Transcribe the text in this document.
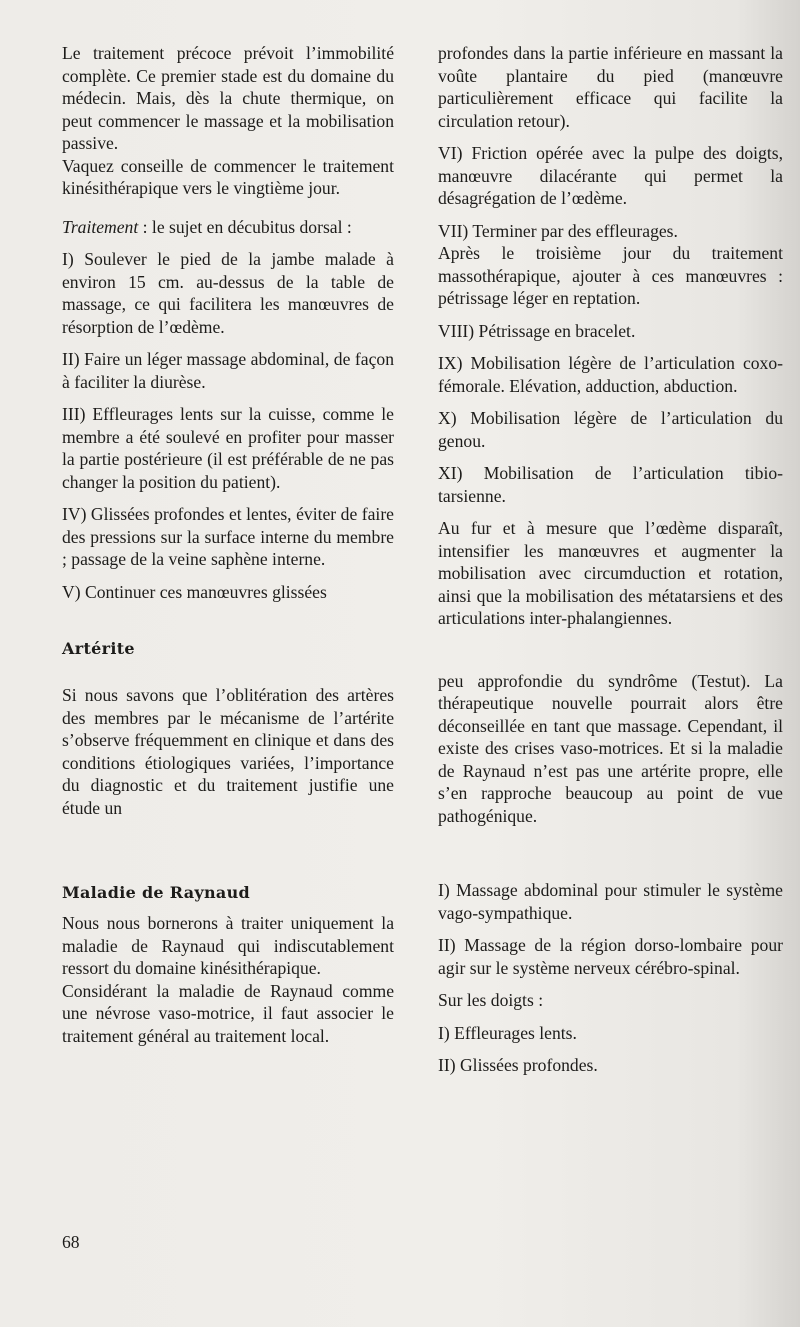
Le traitement précoce prévoit l’immobilité complète. Ce premier stade est du domaine du médecin. Mais, dès la chute thermique, on peut commencer le massage et la mobilisation passive.

Vaquez conseille de commencer le traitement kinésithérapique vers le vingtième jour.

Traitement : le sujet en décubitus dorsal :

I) Soulever le pied de la jambe malade à environ 15 cm. au-dessus de la table de massage, ce qui facilitera les manœuvres de résorption de l’œdème.

II) Faire un léger massage abdominal, de façon à faciliter la diurèse.

III) Effleurages lents sur la cuisse, comme le membre a été soulevé en profiter pour masser la partie postérieure (il est préférable de ne pas changer la position du patient).

IV) Glissées profondes et lentes, éviter de faire des pressions sur la surface interne du membre ; passage de la veine saphène interne.

V) Continuer ces manœuvres glissées

Artérite

Si nous savons que l’oblitération des artères des membres par le mécanisme de l’artérite s’observe fréquemment en clinique et dans des conditions étiologiques variées, l’importance du diagnostic et du traitement justifie une étude un

Maladie de Raynaud

Nous nous bornerons à traiter uniquement la maladie de Raynaud qui indiscutablement ressort du domaine kinésithérapique.

Considérant la maladie de Raynaud comme une névrose vaso-motrice, il faut associer le traitement général au traitement local.

profondes dans la partie inférieure en massant la voûte plantaire du pied (manœuvre particulièrement efficace qui facilite la circulation retour).

VI) Friction opérée avec la pulpe des doigts, manœuvre dilacérante qui permet la désagrégation de l’œdème.

VII) Terminer par des effleurages.

Après le troisième jour du traitement massothérapique, ajouter à ces manœuvres : pétrissage léger en reptation.

VIII) Pétrissage en bracelet.

IX) Mobilisation légère de l’articulation coxo-fémorale. Elévation, adduction, abduction.

X) Mobilisation légère de l’articulation du genou.

XI) Mobilisation de l’articulation tibio-tarsienne.

Au fur et à mesure que l’œdème disparaît, intensifier les manœuvres et augmenter la mobilisation avec circumduction et rotation, ainsi que la mobilisation des métatarsiens et des articulations inter-phalangiennes.

peu approfondie du syndrôme (Testut). La thérapeutique nouvelle pourrait alors être déconseillée en tant que massage. Cependant, il existe des crises vaso-motrices. Et si la maladie de Raynaud n’est pas une artérite propre, elle s’en rapproche beaucoup au point de vue pathogénique.

I) Massage abdominal pour stimuler le système vago-sympathique.

II) Massage de la région dorso-lombaire pour agir sur le système nerveux cérébro-spinal.

Sur les doigts :

I) Effleurages lents.

II) Glissées profondes.

68
